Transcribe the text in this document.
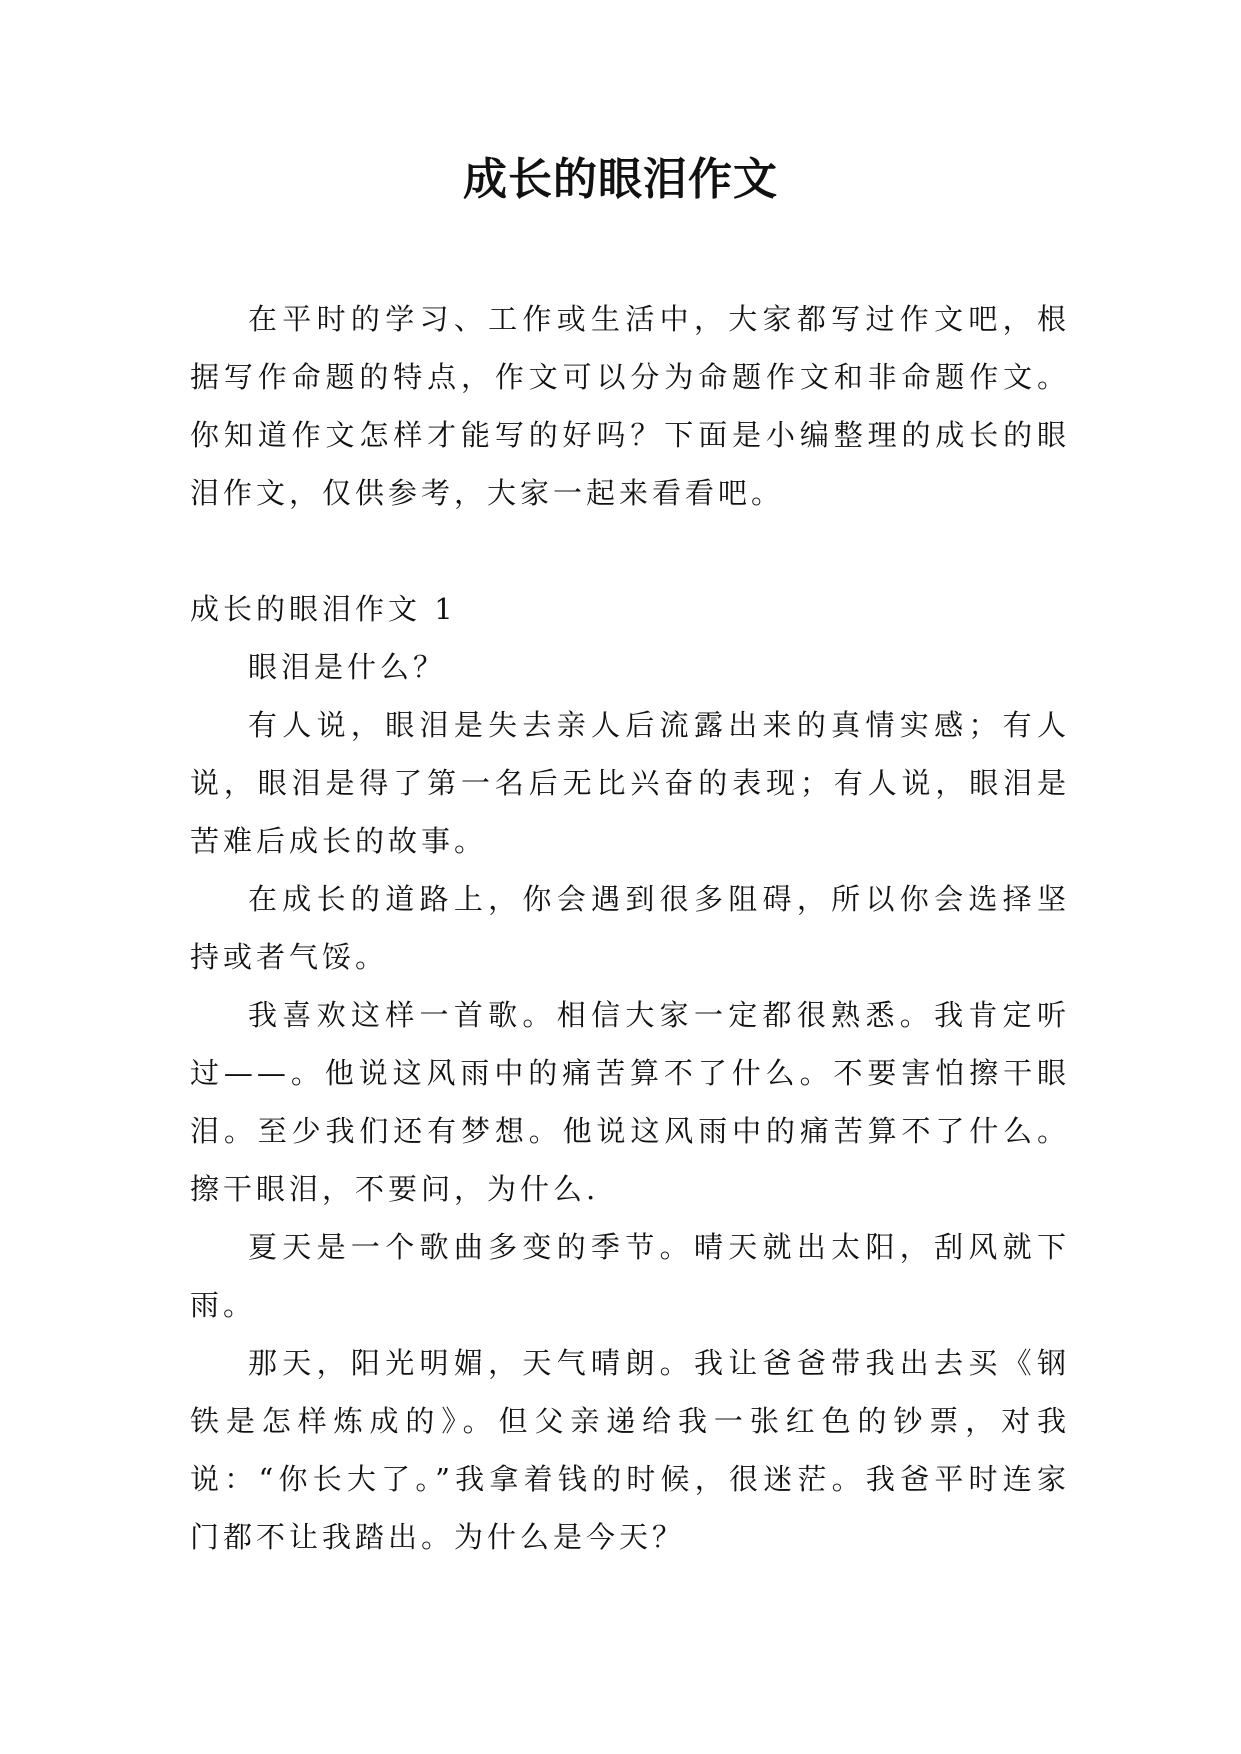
成长的眼泪作文

在平时的学习、工作或生活中，大家都写过作文吧，根据写作命题的特点，作文可以分为命题作文和非命题作文。你知道作文怎样才能写的好吗？下面是小编整理的成长的眼泪作文，仅供参考，大家一起来看看吧。

成长的眼泪作文 1

眼泪是什么？

有人说，眼泪是失去亲人后流露出来的真情实感；有人说，眼泪是得了第一名后无比兴奋的表现；有人说，眼泪是苦难后成长的故事。

在成长的道路上，你会遇到很多阻碍，所以你会选择坚持或者气馁。

我喜欢这样一首歌。相信大家一定都很熟悉。我肯定听过——。他说这风雨中的痛苦算不了什么。不要害怕擦干眼泪。至少我们还有梦想。他说这风雨中的痛苦算不了什么。擦干眼泪，不要问，为什么.

夏天是一个歌曲多变的季节。晴天就出太阳，刮风就下雨。

那天，阳光明媚，天气晴朗。我让爸爸带我出去买《钢铁是怎样炼成的》。但父亲递给我一张红色的钞票，对我说：“你长大了。”我拿着钱的时候，很迷茫。我爸平时连家门都不让我踏出。为什么是今天？
